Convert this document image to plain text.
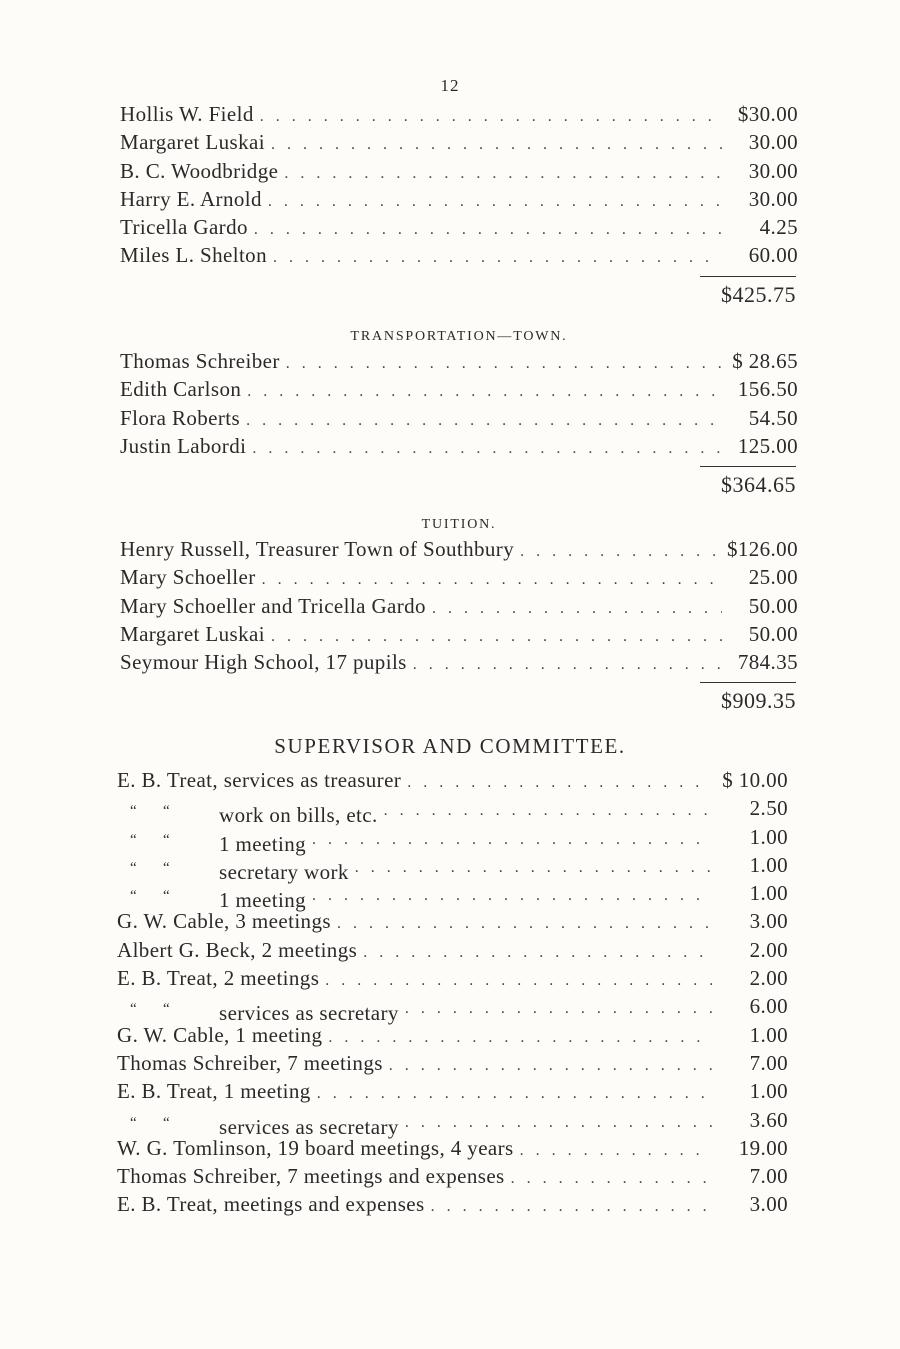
12
Hollis W. Field . . .	$30.00
Margaret Luskai . . .	30.00
B. C. Woodbridge . . .	30.00
Harry E. Arnold . . .	30.00
Tricella Gardo . . .	4.25
Miles L. Shelton . . .	60.00
$425.75
TRANSPORTATION—TOWN.
Thomas Schreiber . . .	$ 28.65
Edith Carlson . . .	156.50
Flora Roberts . . .	54.50
Justin Labordi . . .	125.00
$364.65
TUITION.
Henry Russell, Treasurer Town of Southbury . . .	$126.00
Mary Schoeller . . .	25.00
Mary Schoeller and Tricella Gardo . . .	50.00
Margaret Luskai . . .	50.00
Seymour High School, 17 pupils . . .	784.35
$909.35
SUPERVISOR AND COMMITTEE.
E. B. Treat, services as treasurer . . .	$ 10.00
“	“	work on bills, etc. . . .	2.50
“	“	1 meeting . . .	1.00
“	“	secretary work . . .	1.00
“	“	1 meeting . . .	1.00
G. W. Cable, 3 meetings . . .	3.00
Albert G. Beck, 2 meetings . . .	2.00
E. B. Treat, 2 meetings . . .	2.00
“	“	services as secretary . . .	6.00
G. W. Cable, 1 meeting . . .	1.00
Thomas Schreiber, 7 meetings . . .	7.00
E. B. Treat, 1 meeting . . .	1.00
“	“	services as secretary . . .	3.60
W. G. Tomlinson, 19 board meetings, 4 years . . .	19.00
Thomas Schreiber, 7 meetings and expenses . . .	7.00
E. B. Treat, meetings and expenses . . .	3.00
